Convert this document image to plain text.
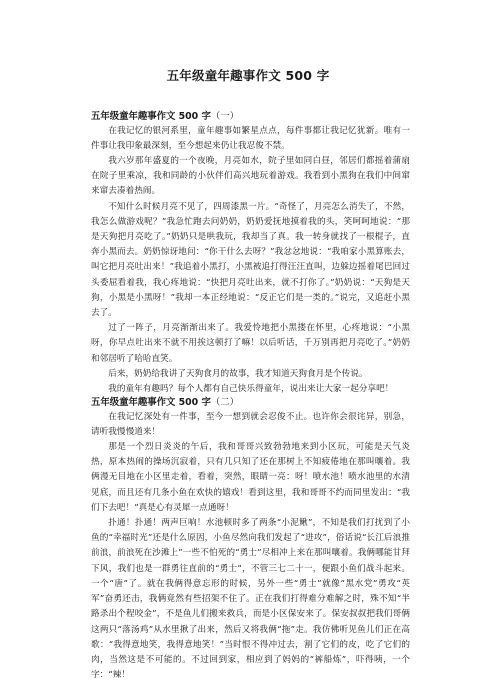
五年级童年趣事作文 500 字
五年级童年趣事作文 500 字（一）

在我记忆的银河系里，童年趣事如繁星点点，每件事都让我记忆犹新。唯有一件事让我印象最深刻，至今想起来仍让我忍俊不禁。

我六岁那年盛夏的一个夜晚，月亮如水，院子里如同白昼，邻居们都摇着蒲扇在院子里乘凉，我和同龄的小伙伴们高兴地玩着游戏。我看到小黑狗在我们中间窜来窜去凑着热闹。

不知什么时候月亮不见了，四周漆黑一片。“奇怪了，月亮怎么消失了，不然，我怎么做游戏呢？”我急忙跑去问奶奶，奶奶爱抚地摸着我的头，笑呵呵地说：“那是天狗把月亮吃了。”奶奶只是哄我玩，我却当了真。我一转身就找了一根棍子，直奔小黑而去。奶奶惊讶地问：“你干什么去呀？”我忿忿地说：“我咱家小黑算账去，叫它把月亮吐出来！”我追着小黑打，小黑被追打得汪汪直叫，边躲边摇着尾巴回过头委屈看着我，我心疼地说：“快把月亮吐出来，就不打你了。”奶奶说：“天狗是天狗，小黑是小黑呀！”我却一本正经地说：“反正它们是一类的。”说完，又追赶小黑去了。

过了一阵子，月亮渐渐出来了。我爱怜地把小黑搂在怀里，心疼地说：“小黑呀，你早点吐出来不就不用挨这顿打了嘛！以后听话，千万别再把月亮吃了。”奶奶和邻居听了哈哈直笑。

后来，奶奶给我讲了天狗食月的故事，我才知道天狗食月是个传说。

我的童年有趣吗？每个人都有自己快乐得童年，说出来让大家一起分享吧！

五年级童年趣事作文 500 字（二）

在我记忆深处有一件事，至今一想到就会忍俊不止。也许你会很诧异，别急，请听我慢慢道来！

那是一个烈日炎炎的午后，我和哥哥兴致勃勃地来到小区玩，可能是天气炎热，原本热闹的操场沉寂着，只有几只知了还在那树上不知疲倦地在那叫嚷着。我俩漫无目地在小区里走着，看着，突然，眼睛一亮：呀！喷水池！喷水池里的水清见底，而且还有几条小鱼在欢快的嬉戏！看到这里，我和哥哥不约而同里发出：“我们下去吧！”真是心有灵犀一点通呀！

扑通！扑通！两声巨响！水池顿时多了两条“小泥鳅”，不知是我们打扰到了小鱼的“幸福时光”还是什么原因，小鱼尽然向我们发起了“进攻”，俗话说“长江后浪推前浪，前浪死在沙滩上”一些不怕死的“勇士”尽相冲上来在那叫嚷着。我俩哪能甘拜下风，我们也是一群勇往直前的“勇士”，不管三七二十一，便跟小鱼们战斗起来。一个“唐”了。就在我俩得意忘形的时候，另外一些“勇士”就像“黑水党”勇攻“英军”奋勇还击，我俩竟然有些招架不住了。正在我们打得难分难解之时，殊不知“半路杀出个程咬金”，不是鱼儿们搬来救兵，而是小区保安来了。保安叔叔把我们哥俩这两只“落汤鸡”从水里揪了出来，然后又将我俩“拖”走。我仿佛听见鱼儿们正在高歌：“我得意地笑，我得意地笑！”当时恨不得冲过去，割了它们的皮，吃了它们的肉，当然这是不可能的。不过回到家，相应到了妈妈的“裤船炼”，吓得咦，一个字：“辣！
